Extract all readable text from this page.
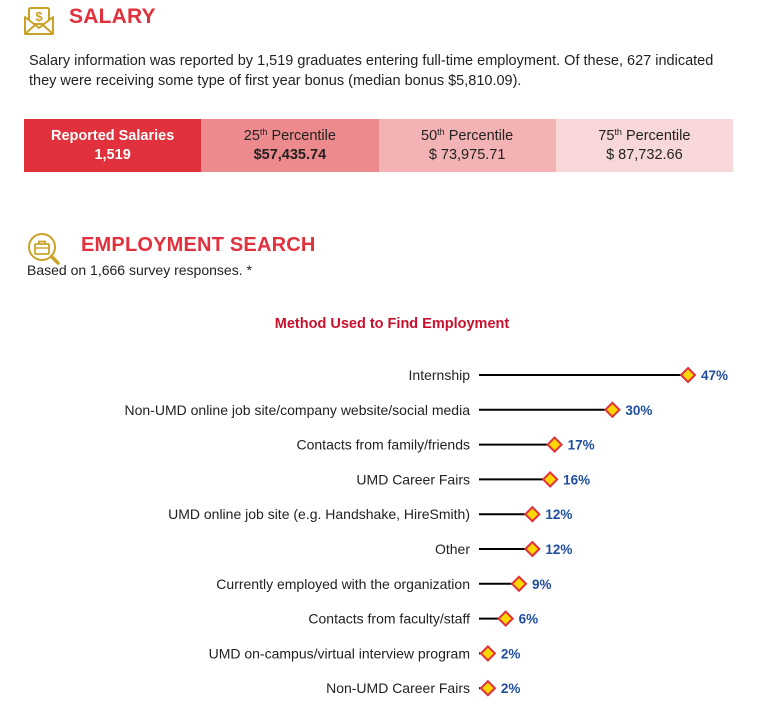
$ SALARY

Salary information was reported by 1,519 graduates entering full-time employment. Of these, 627 indicated they were receiving some type of first year bonus (median bonus $5,810.09).

Reported Salaries
1,519
25th Percentile
$57,435.74
50th Percentile
$ 73,975.71
75th Percentile
$ 87,732.66
EMPLOYMENT SEARCH
Based on 1,666 survey responses. *
Method Used to Find Employment
Internship	47%
Non-UMD online job site/company website/social media	30%
Contacts from family/friends	17%
UMD Career Fairs	16%
UMD online job site (e.g. Handshake, HireSmith)	12%
Other	12%
Currently employed with the organization	9%
Contacts from faculty/staff	6%
UMD on-campus/virtual interview program 2%
Non-UMD Career Fairs 2%
